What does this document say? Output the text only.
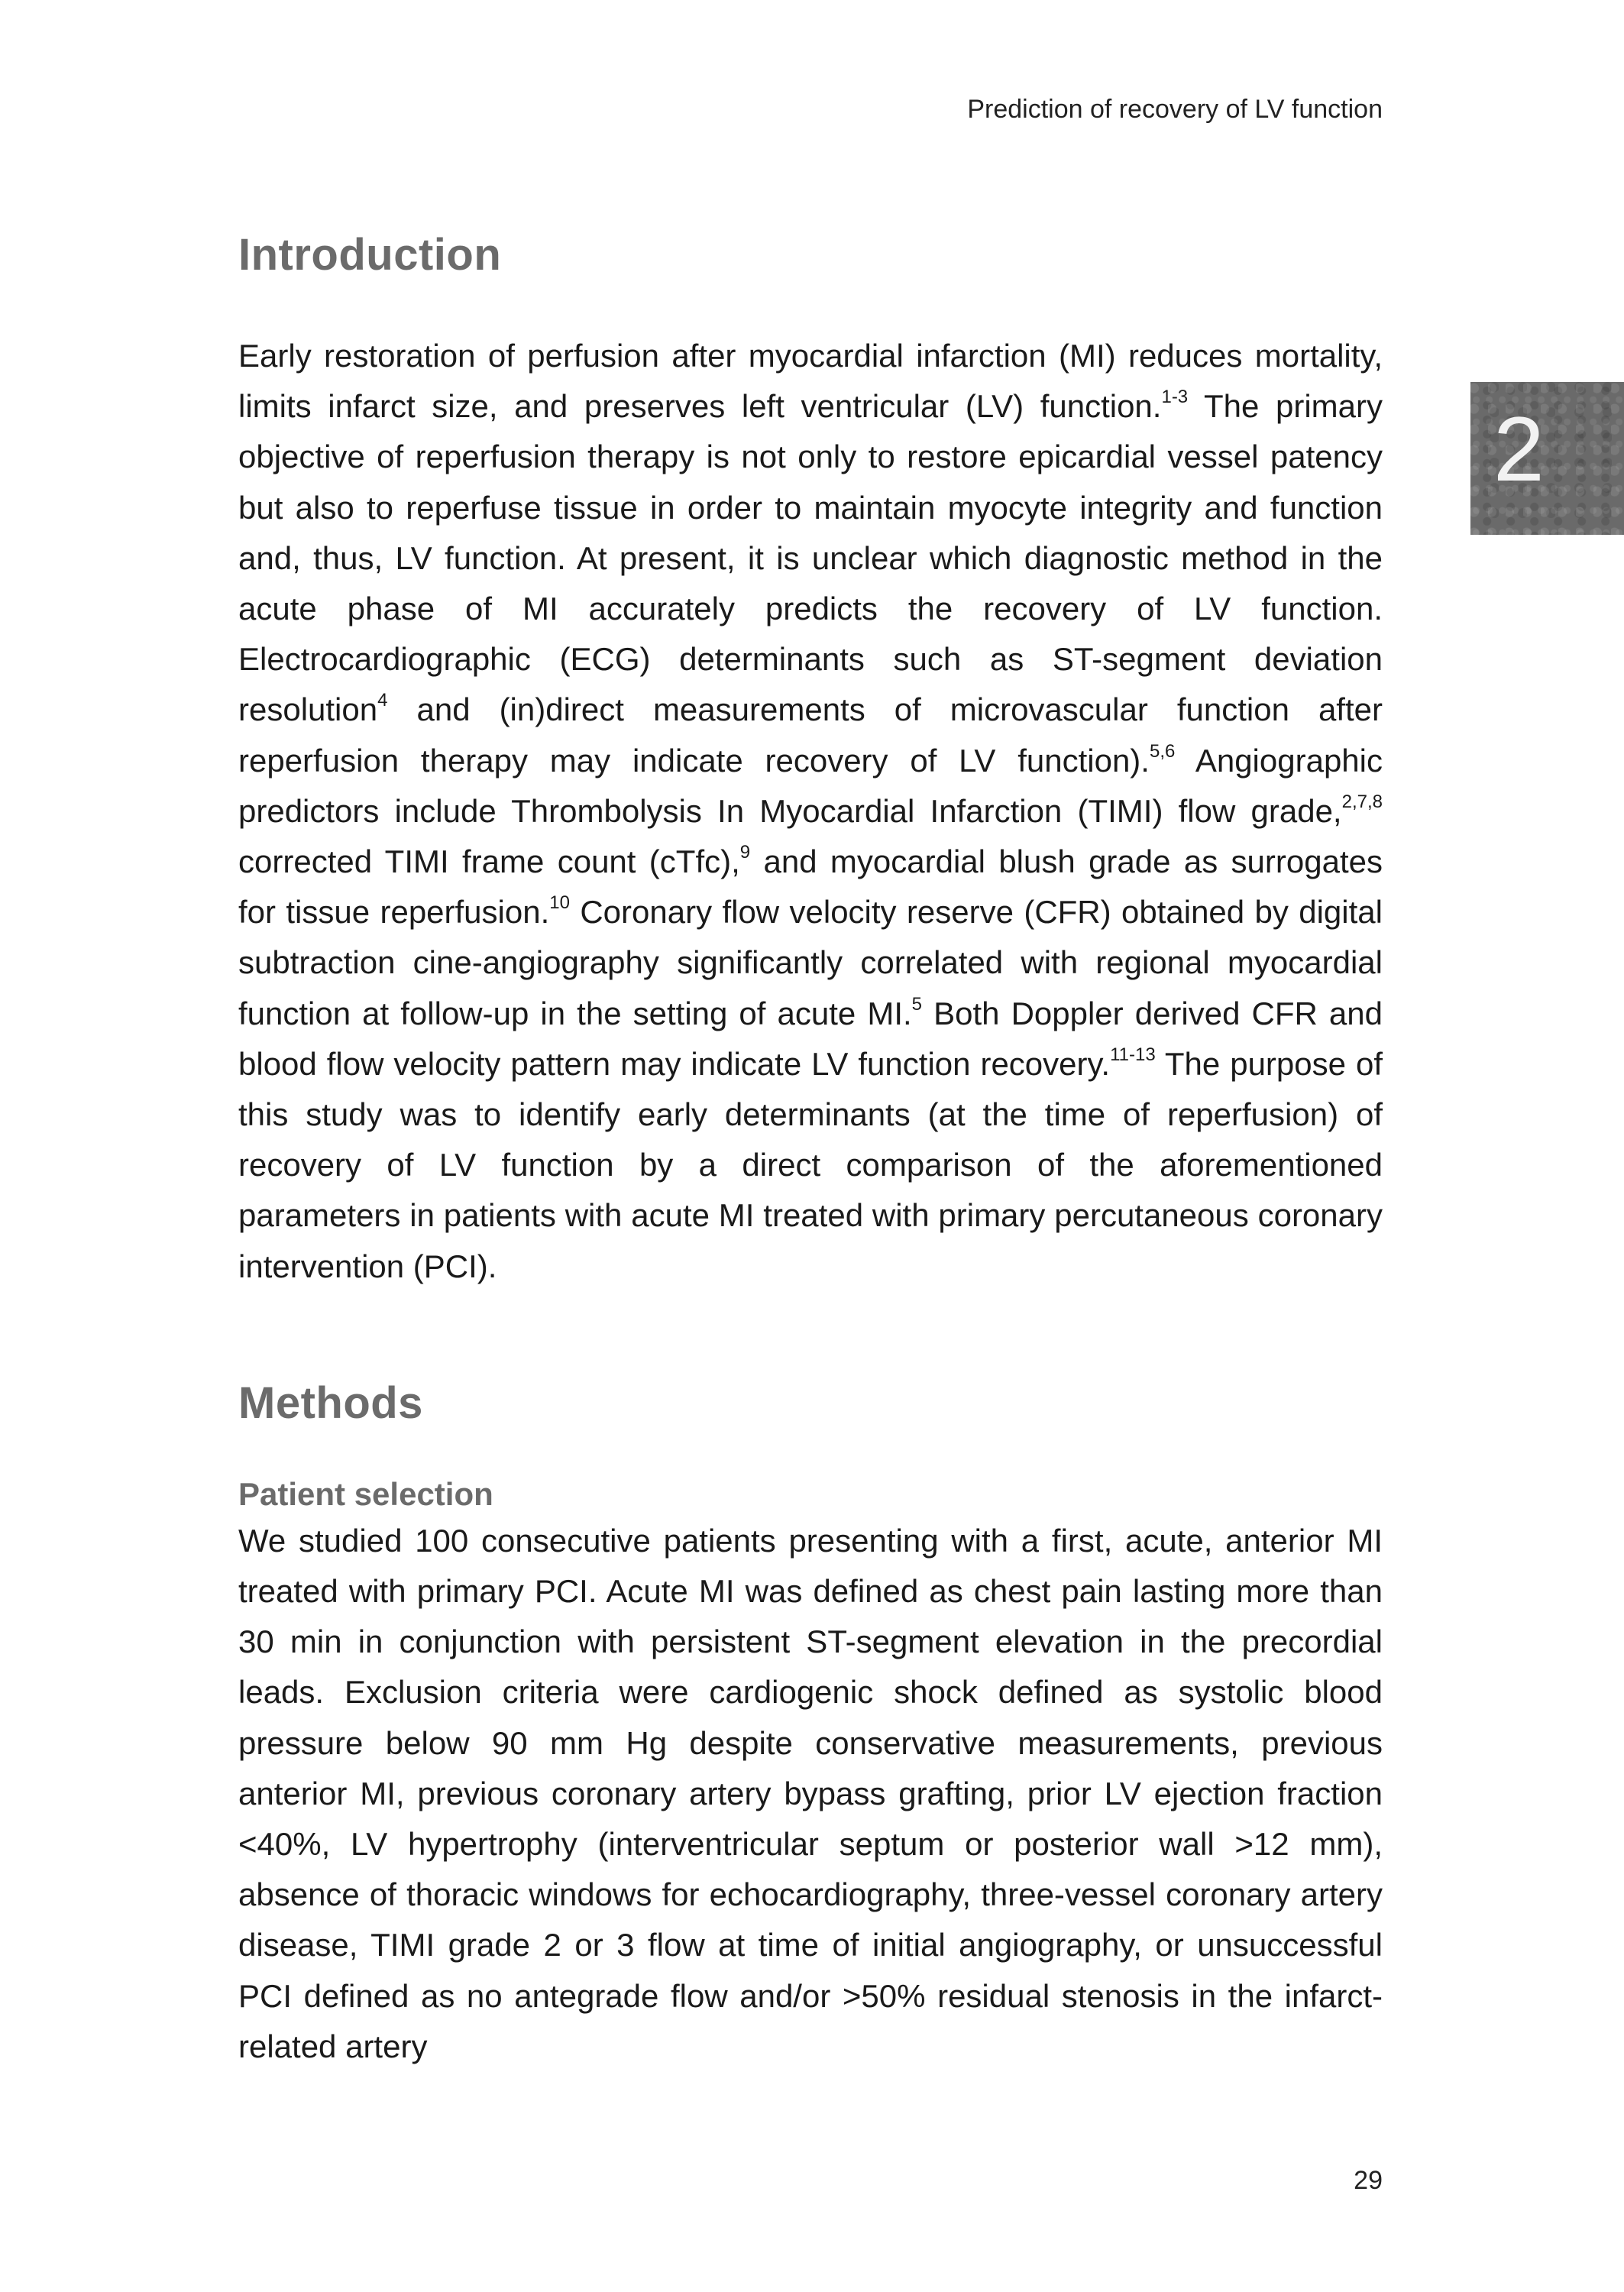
Prediction of recovery of LV function
2
Introduction

Early restoration of perfusion after myocardial infarction (MI) reduces mortality, limits infarct size, and preserves left ventricular (LV) function.$^{1-3}$ The primary objective of reperfusion therapy is not only to restore epicardial vessel patency but also to reperfuse tissue in order to maintain myocyte integrity and function and, thus, LV function. At present, it is unclear which diagnostic method in the acute phase of MI accurately predicts the recovery of LV function. Electrocardiographic (ECG) determinants such as ST-segment deviation resolution$^4$ and (in)direct measurements of microvascular function after reperfusion therapy may indicate recovery of LV function).$^{5,6}$ Angiographic predictors include Thrombolysis In Myocardial Infarction (TIMI) flow grade,$^{2,7,8}$ corrected TIMI frame count (cTfc),$^9$ and myocardial blush grade as surrogates for tissue reperfusion.$^{10}$ Coronary flow velocity reserve (CFR) obtained by digital subtraction cine-angiography significantly correlated with regional myocardial function at follow-up in the setting of acute MI.$^5$ Both Doppler derived CFR and blood flow velocity pattern may indicate LV function recovery.$^{11-13}$ The purpose of this study was to identify early determinants (at the time of reperfusion) of recovery of LV function by a direct comparison of the aforementioned parameters in patients with acute MI treated with primary percutaneous coronary intervention (PCI).

Methods
Patient selection

We studied 100 consecutive patients presenting with a first, acute, anterior MI treated with primary PCI. Acute MI was defined as chest pain lasting more than 30 min in conjunction with persistent ST-segment elevation in the precordial leads. Exclusion criteria were cardiogenic shock defined as systolic blood pressure below 90 mm Hg despite conservative measurements, previous anterior MI, previous coronary artery bypass grafting, prior LV ejection fraction <40%, LV hypertrophy (interventricular septum or posterior wall >12 mm), absence of thoracic windows for echocardiography, three-vessel coronary artery disease, TIMI grade 2 or 3 flow at time of initial angiography, or unsuccessful PCI defined as no antegrade flow and/or >50% residual stenosis in the infarct-related artery

29
